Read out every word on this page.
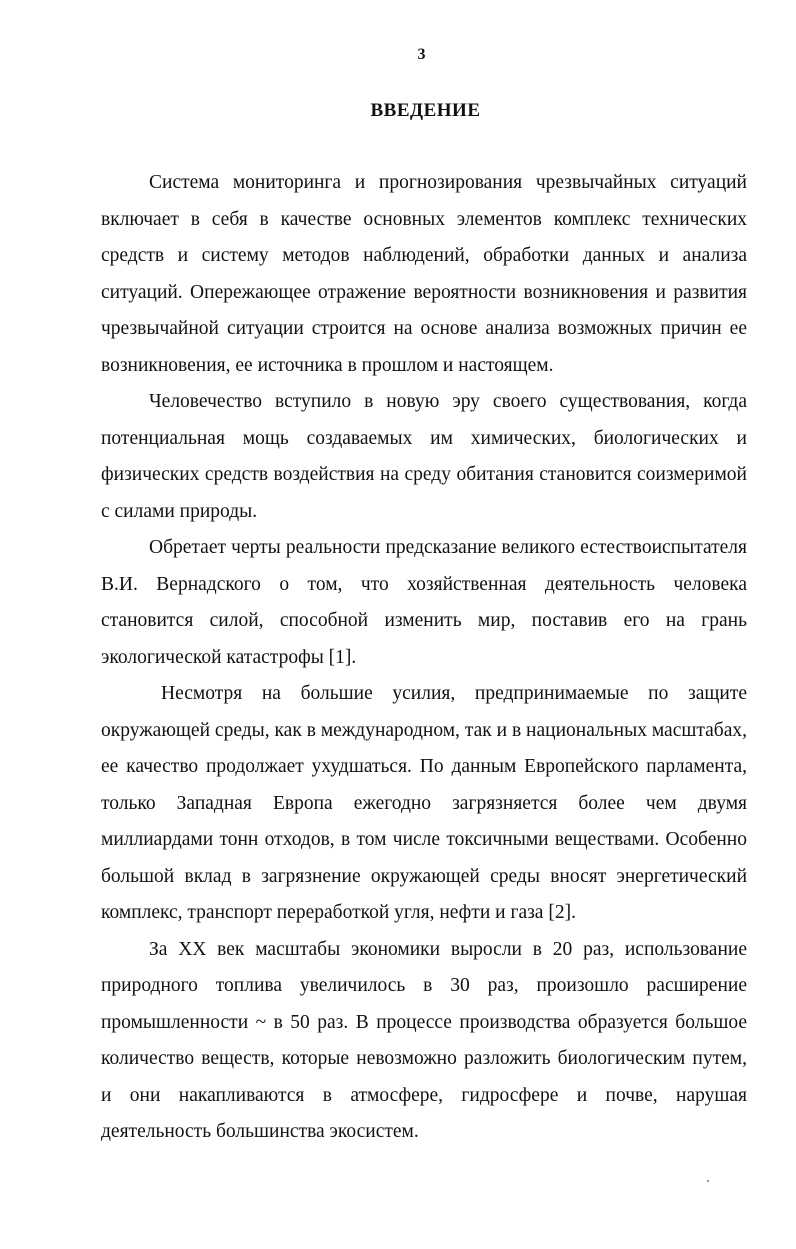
3
ВВЕДЕНИЕ

Система мониторинга и прогнозирования чрезвычайных ситуаций включает в себя в качестве основных элементов комплекс технических средств и систему методов наблюдений, обработки данных и анализа ситуаций. Опережающее отражение вероятности возникновения и развития чрезвычайной ситуации строится на основе анализа возможных причин ее возникновения, ее источника в прошлом и настоящем.

Человечество вступило в новую эру своего существования, когда потенциальная мощь создаваемых им химических, биологических и физических средств воздействия на среду обитания становится соизмеримой с силами природы.

Обретает черты реальности предсказание великого естествоиспытателя В.И. Вернадского о том, что хозяйственная деятельность человека становится силой, способной изменить мир, поставив его на грань экологической катастрофы [1].

Несмотря на большие усилия, предпринимаемые по защите окружающей среды, как в международном, так и в национальных масштабах, ее качество продолжает ухудшаться. По данным Европейского парламента, только Западная Европа ежегодно загрязняется более чем двумя миллиардами тонн отходов, в том числе токсичными веществами. Особенно большой вклад в загрязнение окружающей среды вносят энергетический комплекс, транспорт переработкой угля, нефти и газа [2].

За XX век масштабы экономики выросли в 20 раз, использование природного топлива увеличилось в 30 раз, произошло расширение промышленности ~ в 50 раз. В процессе производства образуется большое количество веществ, которые невозможно разложить биологическим путем, и они накапливаются в атмосфере, гидросфере и почве, нарушая деятельность большинства экосистем.
